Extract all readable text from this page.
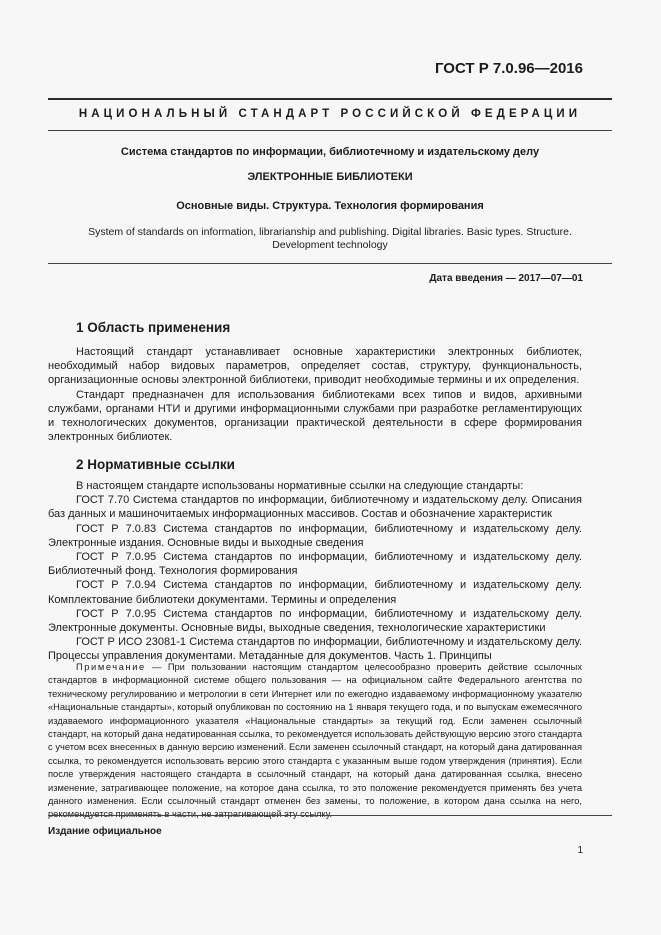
ГОСТ Р 7.0.96—2016
НАЦИОНАЛЬНЫЙ СТАНДАРТ РОССИЙСКОЙ ФЕДЕРАЦИИ
Система стандартов по информации, библиотечному и издательскому делу
ЭЛЕКТРОННЫЕ БИБЛИОТЕКИ
Основные виды. Структура. Технология формирования
System of standards on information, librarianship and publishing. Digital libraries. Basic types. Structure. Development technology
Дата введения — 2017—07—01
1 Область применения

Настоящий стандарт устанавливает основные характеристики электронных библиотек, необходимый набор видовых параметров, определяет состав, структуру, функциональность, организационные основы электронной библиотеки, приводит необходимые термины и их определения.

Стандарт предназначен для использования библиотеками всех типов и видов, архивными службами, органами НТИ и другими информационными службами при разработке регламентирующих и технологических документов, организации практической деятельности в сфере формирования электронных библиотек.

2 Нормативные ссылки

В настоящем стандарте использованы нормативные ссылки на следующие стандарты:

ГОСТ 7.70 Система стандартов по информации, библиотечному и издательскому делу. Описания баз данных и машиночитаемых информационных массивов. Состав и обозначение характеристик

ГОСТ Р 7.0.83 Система стандартов по информации, библиотечному и издательскому делу. Электронные издания. Основные виды и выходные сведения

ГОСТ Р 7.0.95 Система стандартов по информации, библиотечному и издательскому делу. Библиотечный фонд. Технология формирования

ГОСТ Р 7.0.94 Система стандартов по информации, библиотечному и издательскому делу. Комплектование библиотеки документами. Термины и определения

ГОСТ Р 7.0.95 Система стандартов по информации, библиотечному и издательскому делу. Электронные документы. Основные виды, выходные сведения, технологические характеристики

ГОСТ Р ИСО 23081-1 Система стандартов по информации, библиотечному и издательскому делу. Процессы управления документами. Метаданные для документов. Часть 1. Принципы

Примечание — При пользовании настоящим стандартом целесообразно проверить действие ссылочных стандартов в информационной системе общего пользования — на официальном сайте Федерального агентства по техническому регулированию и метрологии в сети Интернет или по ежегодно издаваемому информационному указателю «Национальные стандарты», который опубликован по состоянию на 1 января текущего года, и по выпускам ежемесячного издаваемого информационного указателя «Национальные стандарты» за текущий год. Если заменен ссылочный стандарт, на который дана недатированная ссылка, то рекомендуется использовать действующую версию этого стандарта с учетом всех внесенных в данную версию изменений. Если заменен ссылочный стандарт, на который дана датированная ссылка, то рекомендуется использовать версию этого стандарта с указанным выше годом утверждения (принятия). Если после утверждения настоящего стандарта в ссылочный стандарт, на который дана датированная ссылка, внесено изменение, затрагивающее положение, на которое дана ссылка, то это положение рекомендуется применять без учета данного изменения. Если ссылочный стандарт отменен без замены, то положение, в котором дана ссылка на него,

Издание официальное
1
